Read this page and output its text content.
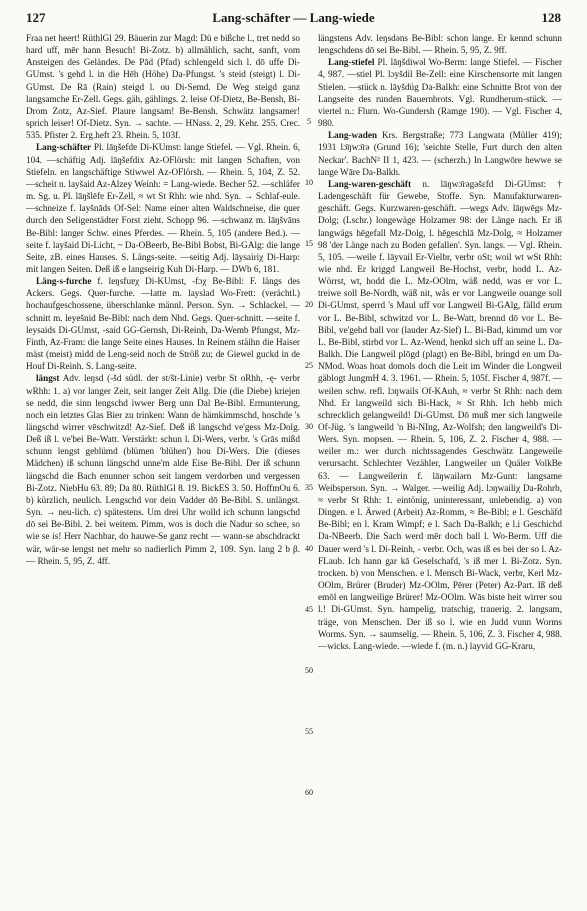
127	Lang-schäfter — Lang-wiede	128

Fraa net heert! RüthlGl 29. Bäuerin zur Magd: Dü e bißche l., tret nedd so hard uff, mēr hann Besuch! Bi-Zotz. b) allmählich, sacht, sanft, vom Ansteigen des Geländes. De Pād (Pfad) schlengeld sich l. dō uffe Di-GUmst. 's gehd l. in die Hēh (Höhe) Da-Pfungst. 's steid (steigt) l. Di-GUmst. De Rā (Rain) steigd l. ou Di-Semd. De Weg steigd ganz langsamche Er-Zell. Gegs. gäh, gählings. 2. leise Of-Dietz, Be-Bensh, Bi-Drom Zotz, Az-Sief. Plaure langsam! Be-Bensh. Schwätz langsamer! sprich leiser! Of-Dietz. Syn. → sachte. — HNass. 2, 29. Kehr. 255. Crec. 535. Pfister 2. Erg.heft 23. Rhein. 5, 103f.

Lang-schäfter Pl. lāŋšefdɐ Di-KUmst: lange Stiefel. — Vgl. Rhein. 6, 104. —schäftig Adj. lāŋšefdix Az-OFlörsh: mit langen Schaften, von Stiefeln. en langschäftige Stiwwel Az-OFlörsh. — Rhein. 5, 104, Z. 52. —scheit n. layšaid Az-Alzey Weinh: = Lang-wiede. Becher 52. —schläfer m. Sg. u. Pl. lāŋšlēfɐ Er-Zell, ≈ wt St Rhh: wie nhd. Syn. → Schlaf-eule. —schneize f. layšnāds Of-Sel: Name einer alten Waldschneise, die quer durch den Seligenstädter Forst zieht. Schopp 96. —schwanz m. lāŋšvāns Be-Bibl: langer Schw. eines Pferdes. — Rhein. 5, 105 (andere Bed.). —seite f. layšaid Di-Licht, ~ Da-OBeerb, Be-Bibl Bobst, Bi-GAlg: die lange Seite, zB. eines Hauses. S. Längs-seite. —seitig Adj. lāysairiχ Di-Harp: mit langen Seiten. Deß iß e langseirig Kuh Di-Harp. — DWb 6, 181.

Läng-s-furche f. leŋsfuɐχ Di-KUmst, -fɔχ Be-Bibl: F. längs des Ackers. Gegs. Quer-furche. —latte m. layslad Wo-Frett: (verächtl.) hochaufgeschossene, überschlanke männl. Person. Syn. → Schlackel. —schnitt m. leyešnid Be-Bibl: nach dem Nhd. Gegs. Quer-schnitt. —seite f. leysaids Di-GUmst, -said GG-Gernsh, Di-Reinh, Da-Wemb Pfungst, Mz-Finth, Az-Fram: die lange Seite eines Hauses. In Reinem stäihn die Haiser mäst (meist) midd de Leng-seid noch de Ströß zu; de Giewel guckd in de Houf Di-Reinh. S. Lang-seite.

längst Adv. leŋsd (-šd südl. der st/št-Linie) verbr St oRhh, -ę- verbr wRhh: 1. a) vor langer Zeit, seit langer Zeit Allg. Die (die Diebe) kriejen se nedd, die sinn lengschd iwwer Berg unn Dal Be-Bibl. Ermunterung, noch ein letztes Glas Bier zu trinken: Wann de hämkimmschd, hoschde 's längschd wirrer vēschwitzd! Az-Sief. Deß iß langschd ve'gess Mz-Dolg. Deß iß l. ve'bei Be-Watt. Verstärkt: schun l. Di-Wers, verbr. 's Grās mißd schunn lengst geblümd (blümen 'blühen') hou Di-Wers. Die (dieses Mädchen) iß schunn längschd unne'm alde Eise Be-Bibl. Der iß schunn längschd die Bach enunner schon seit langem verdorben und vergessen Bi-Zotz. NiebHu 63. 89; Da 80. RüthlGl 8. 19. BickES 3. 50. HoffmOu 6. b) kürzlich, neulich. Lengschd vor dein Vadder dō Be-Bibl. S. unlängst. Syn. → neu-lich. c) spätestens. Um drei Uhr wolld ich schunn langschd dō sei Be-Bibl. 2. bei weitem. Pimm, wos is doch die Nadur so schee, so wie se is! Herr Nachbar, do hauwe-Se ganz recht — wann-se abschdrackt wär, wär-se lengst net mehr so nadierlich Pimm 2, 109. Syn. lang 2 b β. — Rhein. 5, 95, Z. 4ff.

5
10
15
20
25
30
35
40
45
50
55
60

längstens Adv. leŋsdəns Be-Bibl: schon lange. Er kennd schunn lengschdens dō sei Be-Bibl. — Rhein. 5, 95, Z. 9ff.

Lang-stiefel Pl. lāŋšdiwəl Wo-Berm: lange Stiefel. — Fischer 4, 987. —stiel Pl. lɔyšdil Be-Zell: eine Kirschensorte mit langen Stielen. —stück n. lāyšdüg Da-Balkh: eine Schnitte Brot von der Langseite des runden Bauernbrots. Vgl. Rundherum-stück. —viertel n.: Flurn. Wo-Gundersh (Ramge 190). — Vgl. Fischer 4, 980.

Lang-waden Krs. Bergstraße; 773 Langwata (Müller 419); 1931 lɔ̄ŋwɔ̄rə (Grund 16); 'seichte Stelle, Furt durch den alten Neckar'. BachN² II 1, 423. — (scherzh.) In Langwōre hewwe se lange Wāre Da-Balkh.

Lang-waren-geschäft n. lāŋwɔ̄rəgəšɛfd Di-GUmst: † Ladengeschäft für Gewebe, Stoffe. Syn. Manufakturwaren-geschäft. Gegs. Kurzwaren-geschäft. —wegs Adv. lāŋwēgs Mz-Dolg; (Lschr.) longewäge Holzamer 98: der Länge nach. Er iß langwägs hēgefall Mz-Dolg, l. hēgeschlā Mz-Dolg, ≈ Holzamer 98 'der Länge nach zu Boden gefallen'. Syn. langs. — Vgl. Rhein. 5, 105. —weile f. lāyvail Er-Vielbr, verbr oSt; woil wt wSt Rhh: wie nhd. Er kriggd Langweil Be-Hochst, verbr, hodd L. Az-Wörrst, wt, hodd die L. Mz-OOlm, wäß nedd, was er vor L. treiwe soll Be-Nordh, wäß nit, wås er vor Langweile ouange soll Di-GUmst, sperrd 's Maul uff vor Langweil Bi-GAlg, fälld erum vor L. Be-Bibl, schwitzd vor L. Be-Watt, brennd dō vor L. Be-Bibl, ve'gehd ball vor (lauder Az-Sief) L. Bi-Bad, kimmd um vor L. Be-Bibl, stirbd vor L. Az-Wend, henkd sich uff an seine L. Da-Balkh. Die Langweil plōgd (plagt) en Be-Bibl, bringd en um Da-NMod. Woas hoat domols doch die Leit im Winder die Longweil gäblogt JungmH 4. 3. 1961. — Rhein. 5, 105f. Fischer 4, 987f. —weilen schw. refl. lɔŋwails Of-KAuh, ≈ verbr St Rhh: nach dem Nhd. Er langweild sich Bi-Hack, ≈ St Rhh. Ich hebb mich schrecklich gelangweild! Di-GUmst. Dō muß mer sich langweile Of-Jüg. 's langweild 'n Bi-NIng, Az-Wolfsh; den langweild's Di-Wers. Syn. mopsen. — Rhein. 5, 106, Z. 2. Fischer 4, 988. —weiler m.: wer durch nichtssagendes Geschwätz Langeweile verursacht. Schlechter Vezähler, Langweiler un Quäler VolkBe 63. — Langweilerin f. lāŋwailərn Mz-Gunt: langsame Weibsperson. Syn. → Walger. —weilig Adj. lɔŋwailiχ Da-Rohrb, ≈ verbr St Rhh: 1. eintönig, uninteressant, unlebendig. a) von Dingen. e l. Ärwed (Arbeit) Az-Romm, ≈ Be-Bibl; e l. Geschäfd Be-Bibl; en l. Kram Wimpf; e l. Sach Da-Balkh; e l.i Geschichd Da-NBeerb. Die Sach werd mēr doch ball l. Wo-Berm. Uff die Dauer werd 's l. Di-Reinh, - verbr. Och, was iß es bei der so l. Az-FLaub. Ich hann gar kā Geselschafd, 's iß mer l. Bi-Zotz. Syn. trocken. b) von Menschen. e l. Mensch Bi-Wack, verbr, Kerl Mz-OOlm, Brürer (Bruder) Mz-OOlm, Pērer (Peter) Az-Part. Iß deß emōl en langweilige Brürer! Mz-OOlm. Wās biste heit wirrer sou l.! Di-GUmst. Syn. hampelig, tratschig, trauerig. 2. langsam, träge, von Menschen. Der iß so l. wie en Judd vunn Worms Worms. Syn. → saumselig. — Rhein. 5, 106, Z. 3. Fischer 4, 988. —wicks. Lang-wiede. —wiede f. (m. n.) layvid GG-Kraru,
